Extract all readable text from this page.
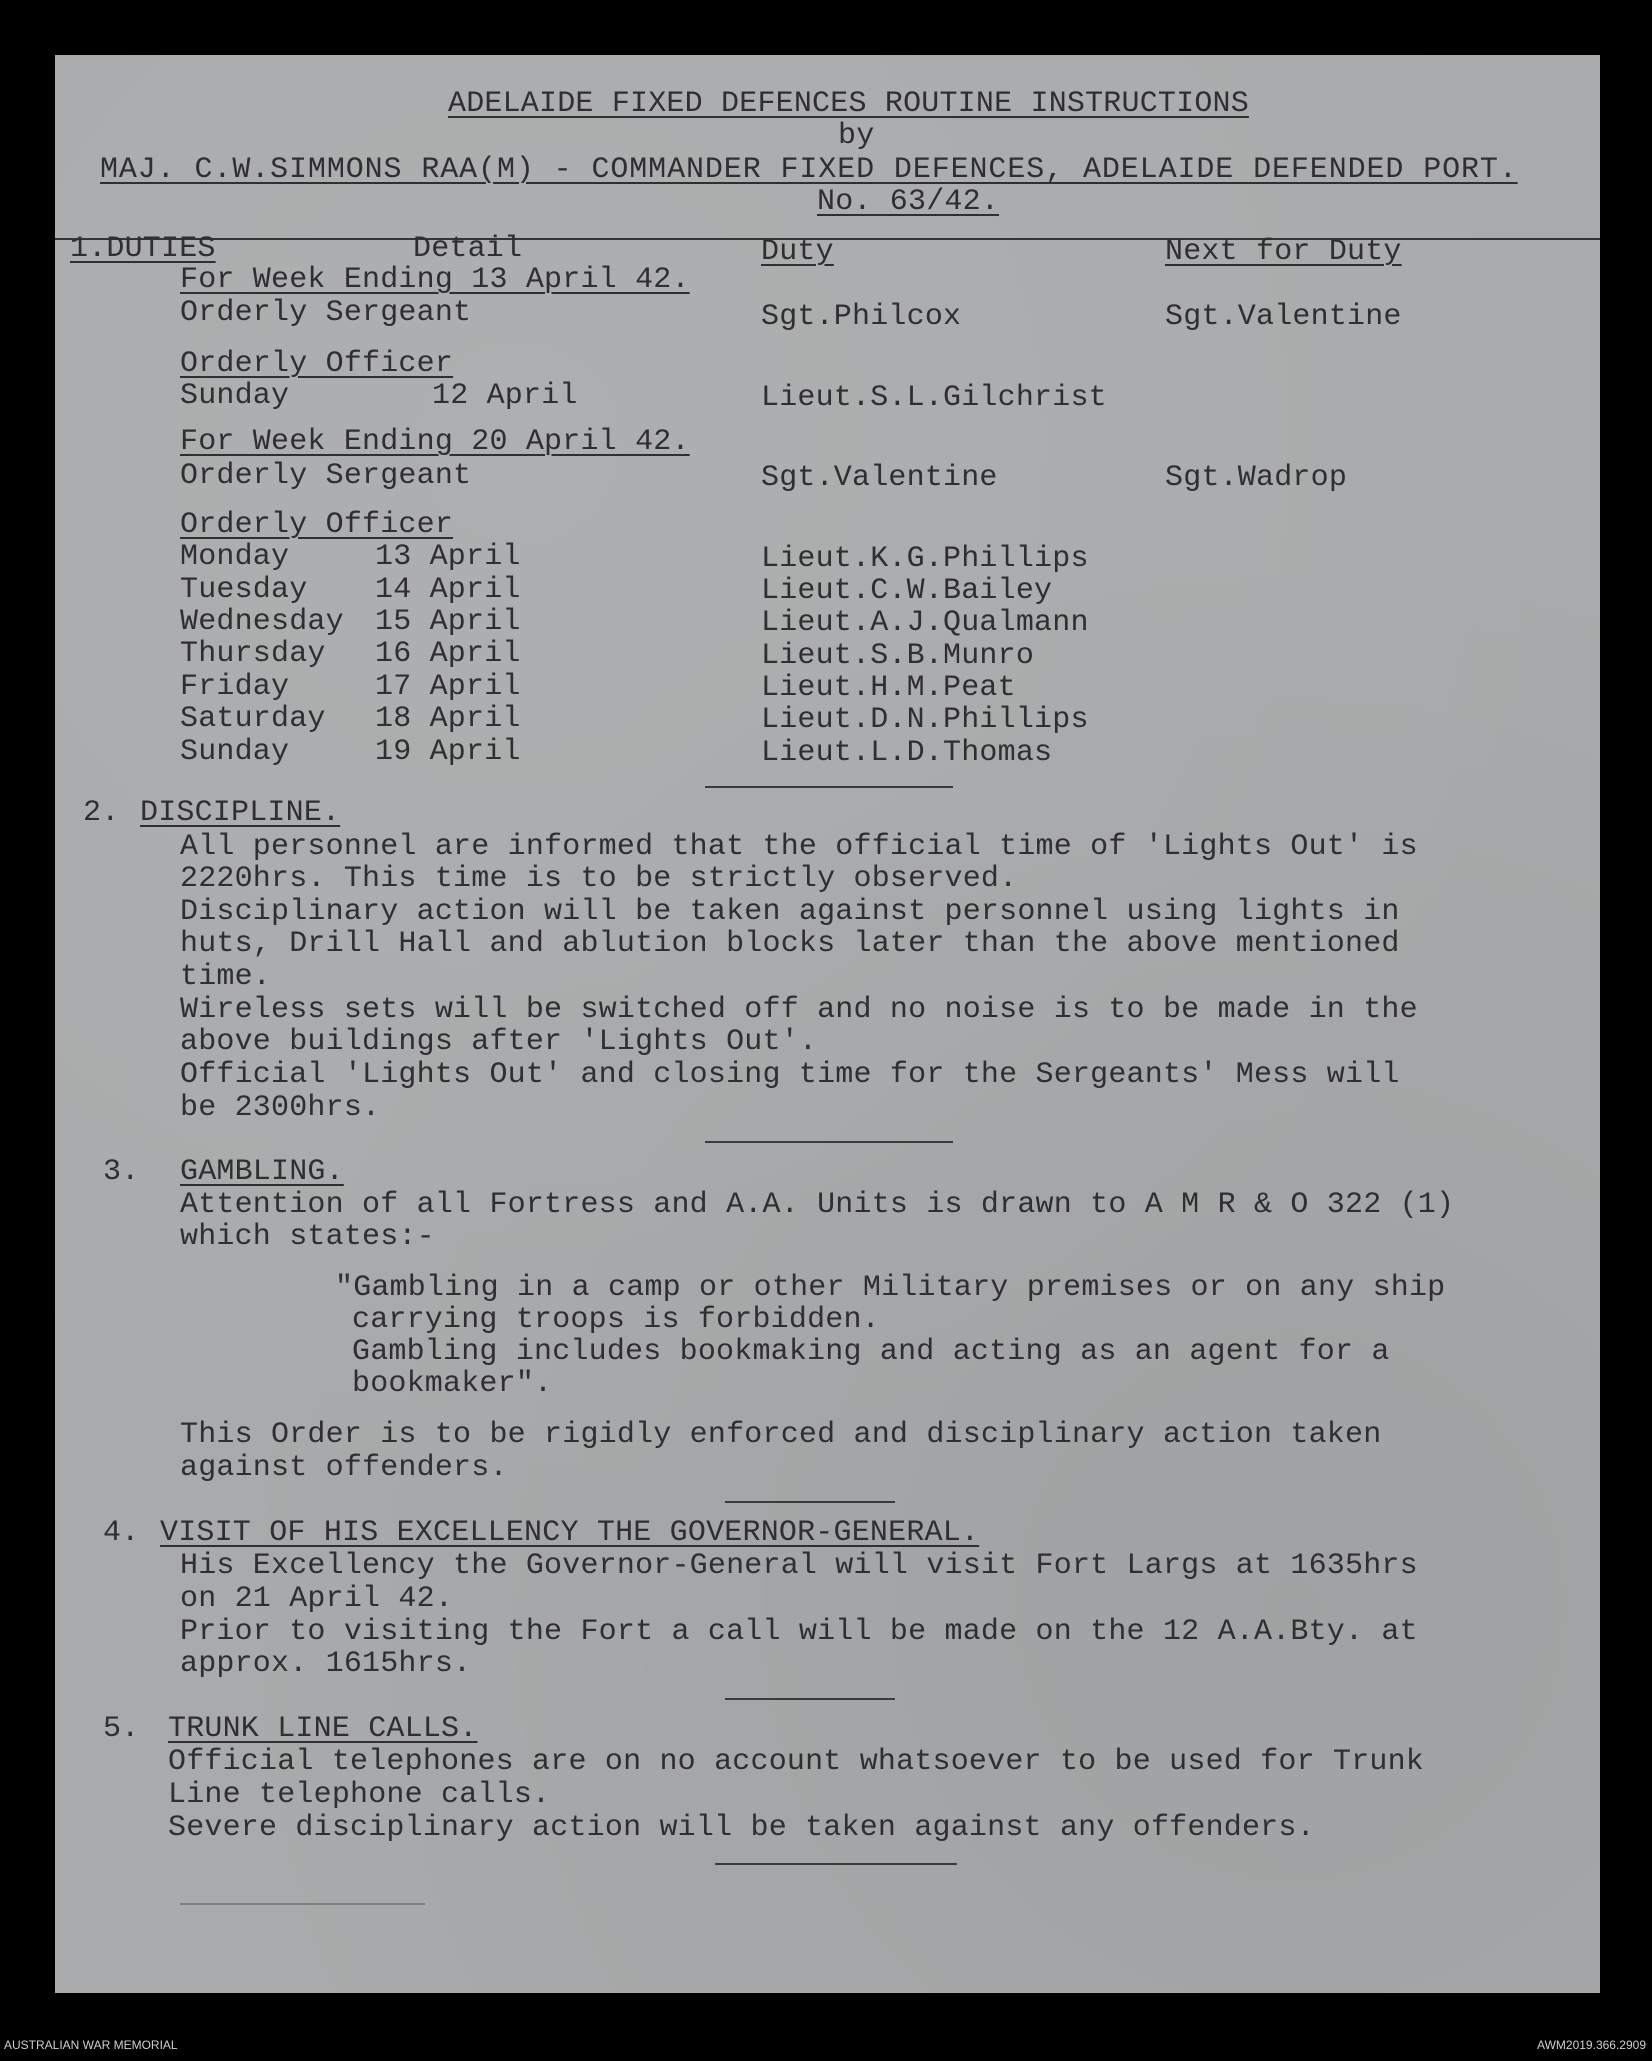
ADELAIDE FIXED DEFENCES ROUTINE INSTRUCTIONS
by
MAJ. C.W.SIMMONS RAA(M) - COMMANDER FIXED DEFENCES, ADELAIDE DEFENDED PORT.
No. 63/42.
1.DUTIES	Detail	Duty	Next for Duty
For Week Ending 13 April 42.
Orderly Sergeant	Sgt.Philcox	Sgt.Valentine
Orderly Officer
Sunday	12 April	Lieut.S.L.Gilchrist
For Week Ending 20 April 42.
Orderly Sergeant	Sgt.Valentine	Sgt.Wadrop
Orderly Officer
Monday	13 April	Lieut.K.G.Phillips
Tuesday 14 April	Lieut.C.W.Bailey
Wednesday 15 April	Lieut.A.J.Qualmann
Thursday 16 April	Lieut.S.B.Munro
Friday	17 April	Lieut.H.M.Peat
Saturday 18 April	Lieut.D.N.Phillips
Sunday	19 April	Lieut.L.D.Thomas
2. DISCIPLINE.
All personnel are informed that the official time of 'Lights Out' is
2220hrs. This time is to be strictly observed.
Disciplinary action will be taken against personnel using lights in
huts, Drill Hall and ablution blocks later than the above mentioned
time.
Wireless sets will be switched off and no noise is to be made in the
above buildings after 'Lights Out'.
Official 'Lights Out' and closing time for the Sergeants' Mess will
be 2300hrs.
3. GAMBLING.
Attention of all Fortress and A.A. Units is drawn to A M R & O 322 (1)
which states:-
"Gambling in a camp or other Military premises or on any ship
carrying troops is forbidden.
Gambling includes bookmaking and acting as an agent for a
bookmaker".
This Order is to be rigidly enforced and disciplinary action taken
against offenders.
4. VISIT OF HIS EXCELLENCY THE GOVERNOR-GENERAL.
His Excellency the Governor-General will visit Fort Largs at 1635hrs
on 21 April 42.
Prior to visiting the Fort a call will be made on the 12 A.A.Bty. at
approx. 1615hrs.
5. TRUNK LINE CALLS.
Official telephones are on no account whatsoever to be used for Trunk
Line telephone calls.
Severe disciplinary action will be taken against any offenders.
AUSTRALIAN WAR MEMORIAL	AWM2019.366.2909
